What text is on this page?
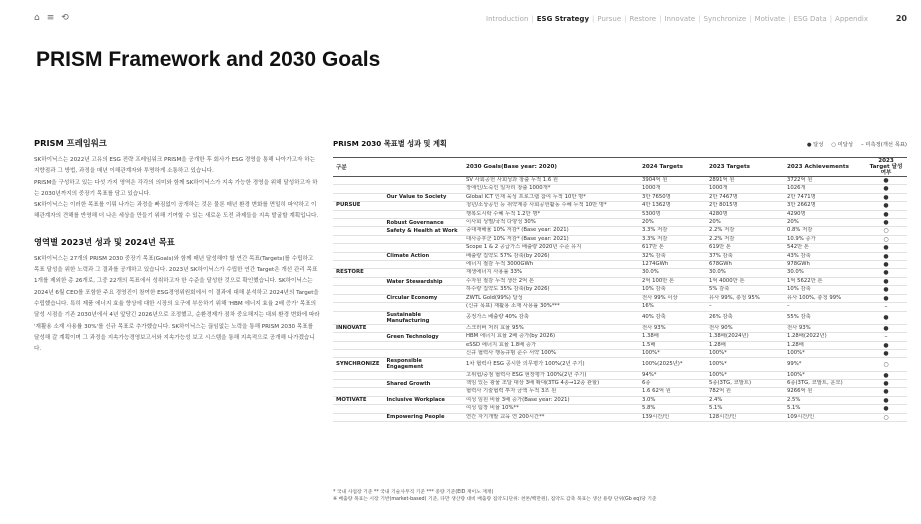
⌂ ≡ ⟲	Introduction | ESG Strategy | Pursue | Restore | Innovate | Synchronize | Motivate | ESG Data | Appendix	20
PRISM Framework and 2030 Goals
PRISM 프레임워크
SK하이닉스는 2022년 고유의 ESG 전략 프레임워크 PRISM을 공개한 후 회사가 ESG 경영을 통해 나아가고자 하는 지향점과 그 방법, 과정을 매년 이해관계자와 투명하게 소통하고 있습니다.
PRISM을 구성하고 있는 다섯 가지 영역은 각각의 의미와 함께 SK하이닉스가 지속 가능한 경영을 위해 달성하고자 하는 2030년까지의 중장기 목표를 담고 있습니다.
SK하이닉스는 이러한 목표를 이뤄 나가는 과정을 빠짐없이 공개하는 것은 물론 매년 환경 변화를 면밀히 파악하고 이해관계자의 견해를 반영해 더 나은 세상을 만들기 위해 기여할 수 있는 새로운 도전 과제들을 지속 발굴할 계획입니다.
영역별 2023년 성과 및 2024년 목표
SK하이닉스는 27개의 PRISM 2030 중장기 목표(Goals)와 함께 매년 달성해야 할 연간 목표(Targets)를 수립하고 목표 달성을 위한 노력과 그 결과를 공개하고 있습니다. 2023년 SK하이닉스가 수립한 연간 Target은 개선 관리 목표 1개를 제외한 총 26개로, 그중 22개의 목표에서 성취하고자 한 수준을 달성한 것으로 확인했습니다. SK하이닉스는 2024년 6월 CEO를 포함한 주요 경영진이 참여한 ESG경영위원회에서 이 결과에 대해 분석하고 2024년의 Target을 수립했습니다. 특히 제품 에너지 효율 향상에 대한 시장의 요구에 부응하기 위해 'HBM 에너지 효율 2배 증가' 목표의 달성 시점을 기존 2030년에서 4년 앞당긴 2026년으로 조정했고, 순환경제가 점차 중요해지는 대외 환경 변화에 따라 '재활용 소재 사용률 30%'를 신규 목표로 추가했습니다. SK하이닉스는 끊임없는 노력을 통해 PRISM 2030 목표를 달성해 갈 계획이며 그 과정을 지속가능경영보고서와 지속가능성 보고 시스템을 통해 지속적으로 공개해 나가겠습니다.
PRISM 2030 목표별 성과 및 계획	● 달성 ○ 미달성 – 미측정(개선 목표)
구분		2030 Goals(Base year: 2020)	2024 Targets	2023 Targets	2023 Achievements	2023 Target 달성여부
		SV 사회공헌 사회성과 창출 누적 1.6 원	3904억 원	2891억 원	3722억 원	●
		장애인/노숙인 일자리 창출 1000개*	1000개	1000개	1026개	●
	Our Value to Society	Global ICT 인재 육성 프로그램 참여 누적 10만 명*	3만 7650명	2만 7467명	2만 7471명	●
PURSUE		청년/소상공인 등 취약계층 사회공헌활동 수혜 누적 10만 명*	4만 1362명	2만 8015명	3만 2662명	●
		행복도시락 수혜 누적 1.2만 명*	5300명	4280명	4290명	●
	Robust Governance	이사회 성별/국적 다양성 30%	20%	20%	20%	●
	Safety & Health at Work	중대재해율 10% 저감* (Base year: 2021)	3.3% 저감	2.2% 저감	0.8% 저감	○
		대사증후군 10% 저감* (Base year: 2021)	3.3% 저감	2.2% 저감	10.9% 증가	○
		Scope 1 & 2 공급가스 배출량 2020년 수준 유지	617만 톤	619만 톤	542만 톤	●
	Climate Action	배출량 집약도 57% 감축(by 2026)	32% 감축	37% 감축	43% 감축	●
		에너지 절감 누적 3000GWh	1274GWh	678GWh	978GWh	●
RESTORE		재생에너지 사용률 33%	30.0%	30.0%	30.0%	●
	Water Stewardship	수자원 절감 누적 생산 2억 톤	2억 100만 톤	1억 4000만 톤	1억 5622만 톤	●
		하수량 집약도 35% 감축(by 2026)	10% 감축	5% 감축	10% 감축	●
	Circular Economy	ZWTL Gold(99%) 달성	전사 99% 이상	유사 99%, 충청 95%	유사 100%, 충청 99%	●
		(신규 목표) 재활용 소재 사용률 30%***	16%	–	–	–
	Sustainable Manufacturing	공정가스 배출량 40% 감축	40% 감축	26% 감축	55% 감축	●
INNOVATE		스크러버 처리 효율 95%	전사 93%	전사 90%	전사 93%	●
	Green Technology	HBM 에너지 효율 2배 증가(by 2026)	1.38배	1.38배(2024년)	1.28배(2022년)	–
		eSSD 에너지 효율 1.8배 증가	1.5배	1.28배	1.28배	●
		신규 협력사 행동규범 준수 서약 100%	100%*	100%*	100%*	●
SYNCHRONIZE	Responsible Engagement	1차 협력사 ESG 공시한 의무평가 100%(2년 주기)	100%(2025년)*	100%*	99%*	○
		고위험/중점 협력사 ESG 현장평가 100%(2년 주기)	94%*	100%*	100%*	●
	Shared Growth	책임 있는 광물 조달 대상 3배 확대(3TG 4종→12종 관할)	6종	5종(3TG, 코발트)	6종(3TG, 코발트, 운모)	●
		협력사 기술협력 투자 금액 누적 3조 원	1.6 62억 원	782억 원	9266억 원	●
MOTIVATE	Inclusive Workplace	여성 임원 비율 3배 증가(Base year: 2021)	3.0%	2.4%	2.5%	●
		여성 팀장 비율 10%**	5.8%	5.1%	5.1%	●
	Empowering People	연간 자기개발 교육 연 200시간**	139시간/인	128시간/인	109시간/인	○
* 국내 사업장 기준 ** 국내 기술사무직 기준 *** 중량 기준(EID 재이노 재재)
※ 배출량 목표는 시장 기반(market-based) 기준, 다만 생산량 대비 배출량 집약도(단위: 천톤/백만원), 집약도 감축 목표는 생산 용량 단위(Gb eq)당 기준
